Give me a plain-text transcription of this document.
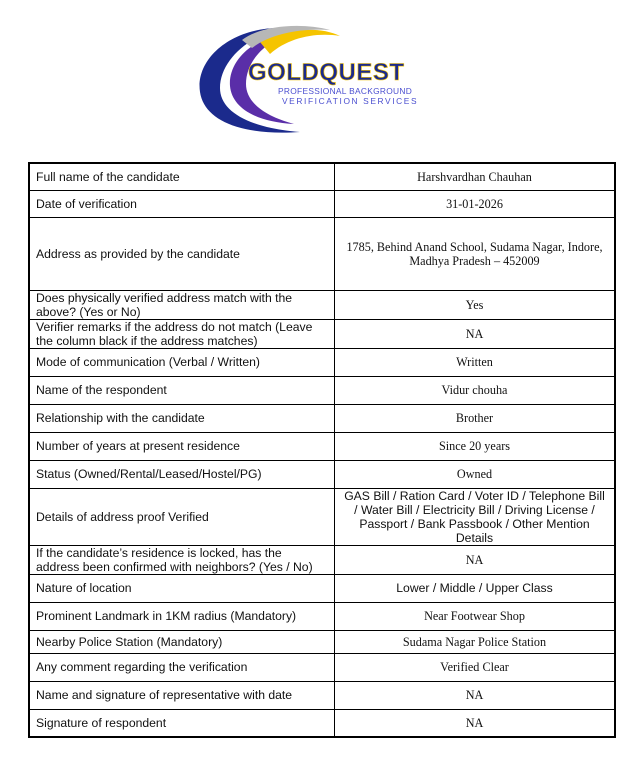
GOLDQUEST
PROFESSIONAL BACKGROUND
VERIFICATION SERVICES
Full name of the candidate	Harshvardhan Chauhan
Date of verification	31-01-2026
Address as provided by the candidate	1785, Behind Anand School, Sudama Nagar, Indore, Madhya Pradesh – 452009
Does physically verified address match with the above? (Yes or No)	Yes
Verifier remarks if the address do not match (Leave the column black if the address matches)	NA
Mode of communication (Verbal / Written)	Written
Name of the respondent	Vidur chouha
Relationship with the candidate	Brother
Number of years at present residence	Since 20 years
Status (Owned/Rental/Leased/Hostel/PG)	Owned
Details of address proof Verified	GAS Bill / Ration Card / Voter ID / Telephone Bill / Water Bill / Electricity Bill / Driving License / Passport / Bank Passbook / Other Mention Details
If the candidate’s residence is locked, has the address been confirmed with neighbors? (Yes / No)	NA
Nature of location	Lower / Middle / Upper Class
Prominent Landmark in 1KM radius (Mandatory)	Near Footwear Shop
Nearby Police Station (Mandatory)	Sudama Nagar Police Station
Any comment regarding the verification	Verified Clear
Name and signature of representative with date	NA
Signature of respondent	NA
